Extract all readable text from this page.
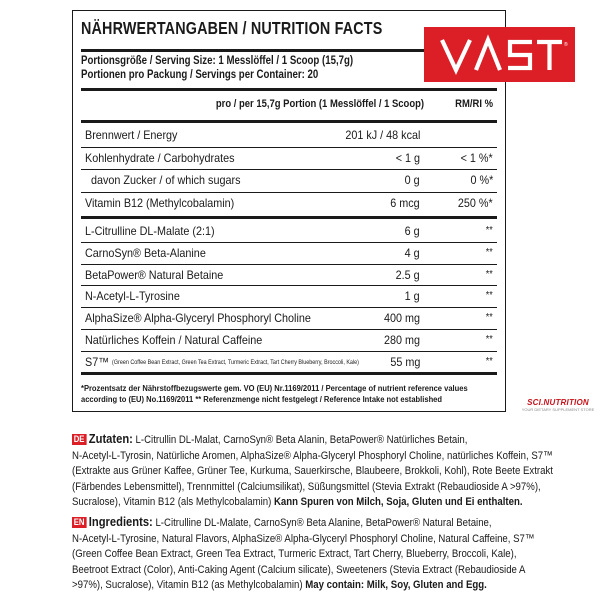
NÄHRWERTANGABEN / NUTRITION FACTS
Portionsgröße / Serving Size: 1 Messlöffel / 1 Scoop (15,7g)
Portionen pro Packung / Servings per Container: 20
pro / per 15,7g Portion (1 Messlöffel / 1 Scoop)	RM/RI %
Brennwert / Energy	201 kJ / 48 kcal
Kohlenhydrate / Carbohydrates	< 1 g	< 1 %*
davon Zucker / of which sugars	0 g	0 %*
Vitamin B12 (Methylcobalamin)	6 mcg	250 %*
L-Citrulline DL-Malate (2:1)	6 g	**
CarnoSyn® Beta-Alanine	4 g	**
BetaPower® Natural Betaine	2.5 g	**
N-Acetyl-L-Tyrosine	1 g	**
AlphaSize® Alpha-Glyceryl Phosphoryl Choline	400 mg	**
Natürliches Koffein / Natural Caffeine	280 mg	**
S7™ $^{(Green Coffee Bean Extract, Green Tea Extract, Turmeric Extract, Tart Cherry Blueberry, Broccoli, Kale)}$	55 mg	**
*Prozentsatz der Nährstoffbezugswerte gem. VO (EU) Nr.1169/2011 / Percentage of nutrient reference values
according to (EU) No.1169/2011 ** Referenzmenge nicht festgelegt / Reference Intake not established
®
SCI.NUTRITION
YOUR DIETARY SUPPLEMENT STORE
DE Zutaten: L-Citrullin DL-Malat, CarnoSyn® Beta Alanin, BetaPower® Natürliches Betain,
N-Acetyl-L-Tyrosin, Natürliche Aromen, AlphaSize® Alpha-Glyceryl Phosphoryl Choline, natürliches Koffein, S7™
(Extrakte aus Grüner Kaffee, Grüner Tee, Kurkuma, Sauerkirsche, Blaubeere, Brokkoli, Kohl), Rote Beete Extrakt
(Färbendes Lebensmittel), Trennmittel (Calciumsilikat), Süßungsmittel (Stevia Extrakt (Rebaudioside A >97%),
Sucralose), Vitamin B12 (als Methylcobalamin) Kann Spuren von Milch, Soja, Gluten und Ei enthalten.
EN Ingredients: L-Citrulline DL-Malate, CarnoSyn® Beta Alanine, BetaPower® Natural Betaine,
N-Acetyl-L-Tyrosine, Natural Flavors, AlphaSize® Alpha-Glyceryl Phosphoryl Choline, Natural Caffeine, S7™
(Green Coffee Bean Extract, Green Tea Extract, Turmeric Extract, Tart Cherry, Blueberry, Broccoli, Kale),
Beetroot Extract (Color), Anti-Caking Agent (Calcium silicate), Sweeteners (Stevia Extract (Rebaudioside A
>97%), Sucralose), Vitamin B12 (as Methylcobalamin) May contain: Milk, Soy, Gluten and Egg.
